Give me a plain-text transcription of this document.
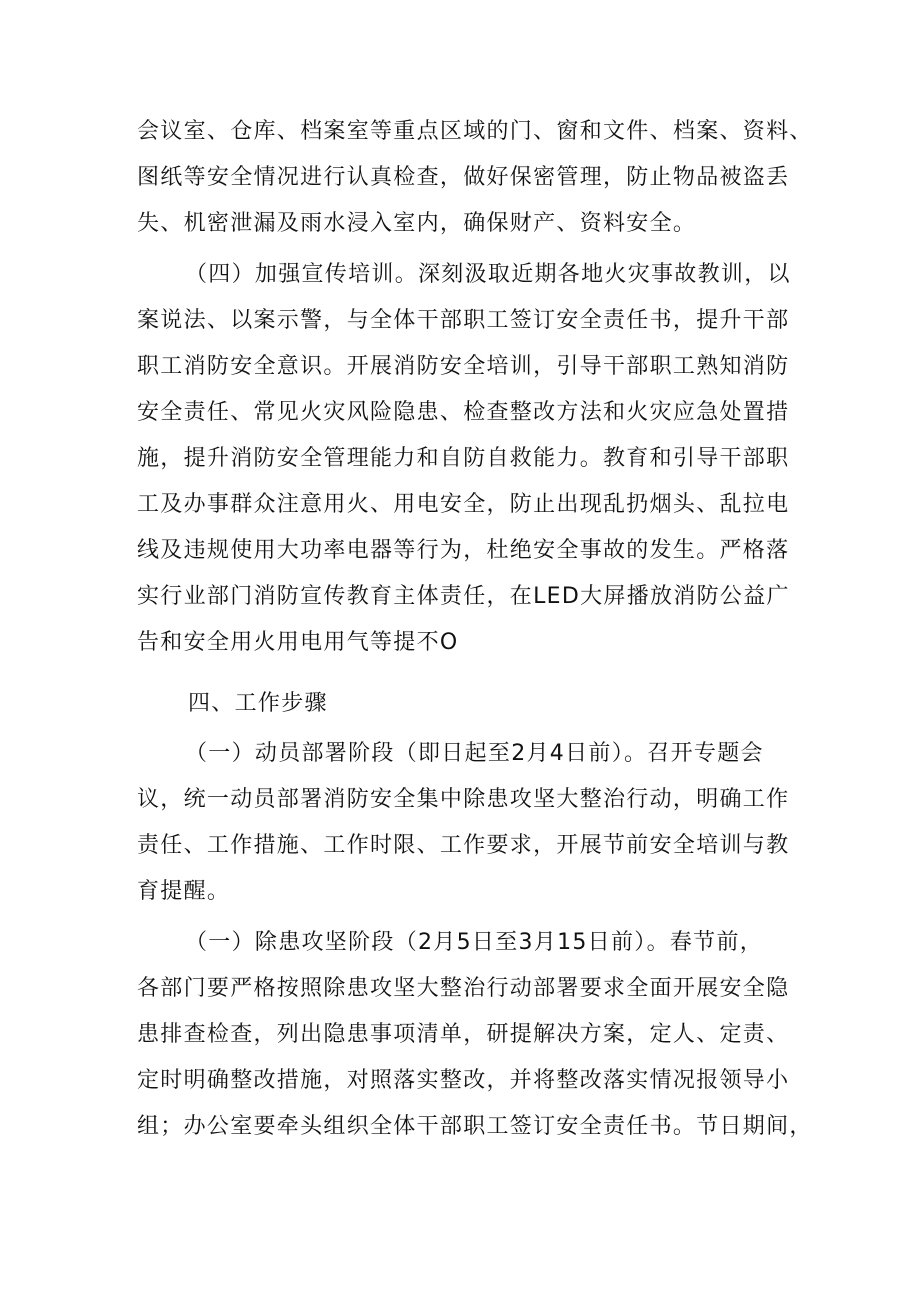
会议室、仓库、档案室等重点区域的门、窗和文件、档案、资料、
图纸等安全情况进行认真检查，做好保密管理，防止物品被盗丢
失、机密泄漏及雨水浸入室内，确保财产、资料安全。
（四）加强宣传培训。深刻汲取近期各地火灾事故教训，以
案说法、以案示警，与全体干部职工签订安全责任书，提升干部
职工消防安全意识。开展消防安全培训，引导干部职工熟知消防
安全责任、常见火灾风险隐患、检查整改方法和火灾应急处置措
施，提升消防安全管理能力和自防自救能力。教育和引导干部职
工及办事群众注意用火、用电安全，防止出现乱扔烟头、乱拉电
线及违规使用大功率电器等行为，杜绝安全事故的发生。严格落
实行业部门消防宣传教育主体责任，在LED大屏播放消防公益广
告和安全用火用电用气等提不O
四、工作步骤
（一）动员部署阶段（即日起至2月4日前）。召开专题会
议，统一动员部署消防安全集中除患攻坚大整治行动，明确工作
责任、工作措施、工作时限、工作要求，开展节前安全培训与教
育提醒。
（一）除患攻坚阶段（2月5日至3月15日前）。春节前，
各部门要严格按照除患攻坚大整治行动部署要求全面开展安全隐
患排查检查，列出隐患事项清单，研提解决方案，定人、定责、
定时明确整改措施，对照落实整改，并将整改落实情况报领导小
组；办公室要牵头组织全体干部职工签订安全责任书。节日期间，
